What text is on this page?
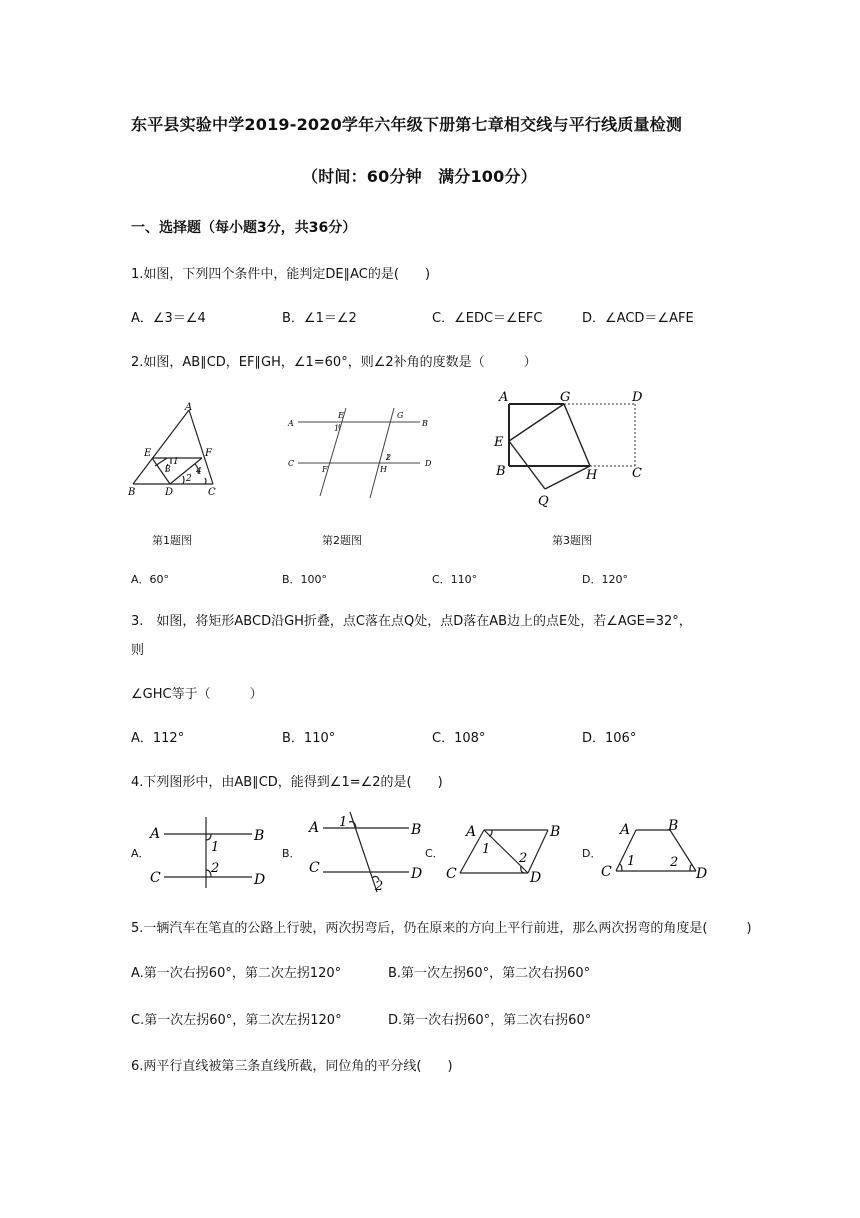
东平县实验中学2019-2020学年六年级下册第七章相交线与平行线质量检测
（时间：60分钟　满分100分）
一、选择题（每小题3分，共36分）
1.如图，下列四个条件中，能判定DE∥AC的是(　　)
A．∠3＝∠4	B．∠1＝∠2	C．∠EDC＝∠EFC	D．∠ACD＝∠AFE
2.如图，AB∥CD，EF∥GH，∠1=60°，则∠2补角的度数是（　　　）
A
B	C
D
E	F
1
2
3	4
A	B
C	D
E
F
G
H
1
2
A	G	D
E
B	H	C
Q
第1题图	第2题图	第3题图
A．60°	B．100°	C．110°	D．120°
3.　如图，将矩形ABCD沿GH折叠，点C落在点Q处，点D落在AB边上的点E处，若∠AGE=32°，
则
∠GHC等于（　　　）
A．112°	B．110°	C．108°	D．106°
4.下列图形中，由AB∥CD，能得到∠1=∠2的是(　　)
A．
A	B
C	D
1
2
B．
A	B
C	D
1
2
C．
A	B
C	D
1
2	D．
A	B
C	D
1	2
5.一辆汽车在笔直的公路上行驶，两次拐弯后，仍在原来的方向上平行前进，那么两次拐弯的角度是(　　　)
A.第一次右拐60°，第二次左拐120°	B.第一次左拐60°，第二次右拐60°
C.第一次左拐60°，第二次左拐120°	D.第一次右拐60°，第二次右拐60°
6.两平行直线被第三条直线所截，同位角的平分线(　　)
